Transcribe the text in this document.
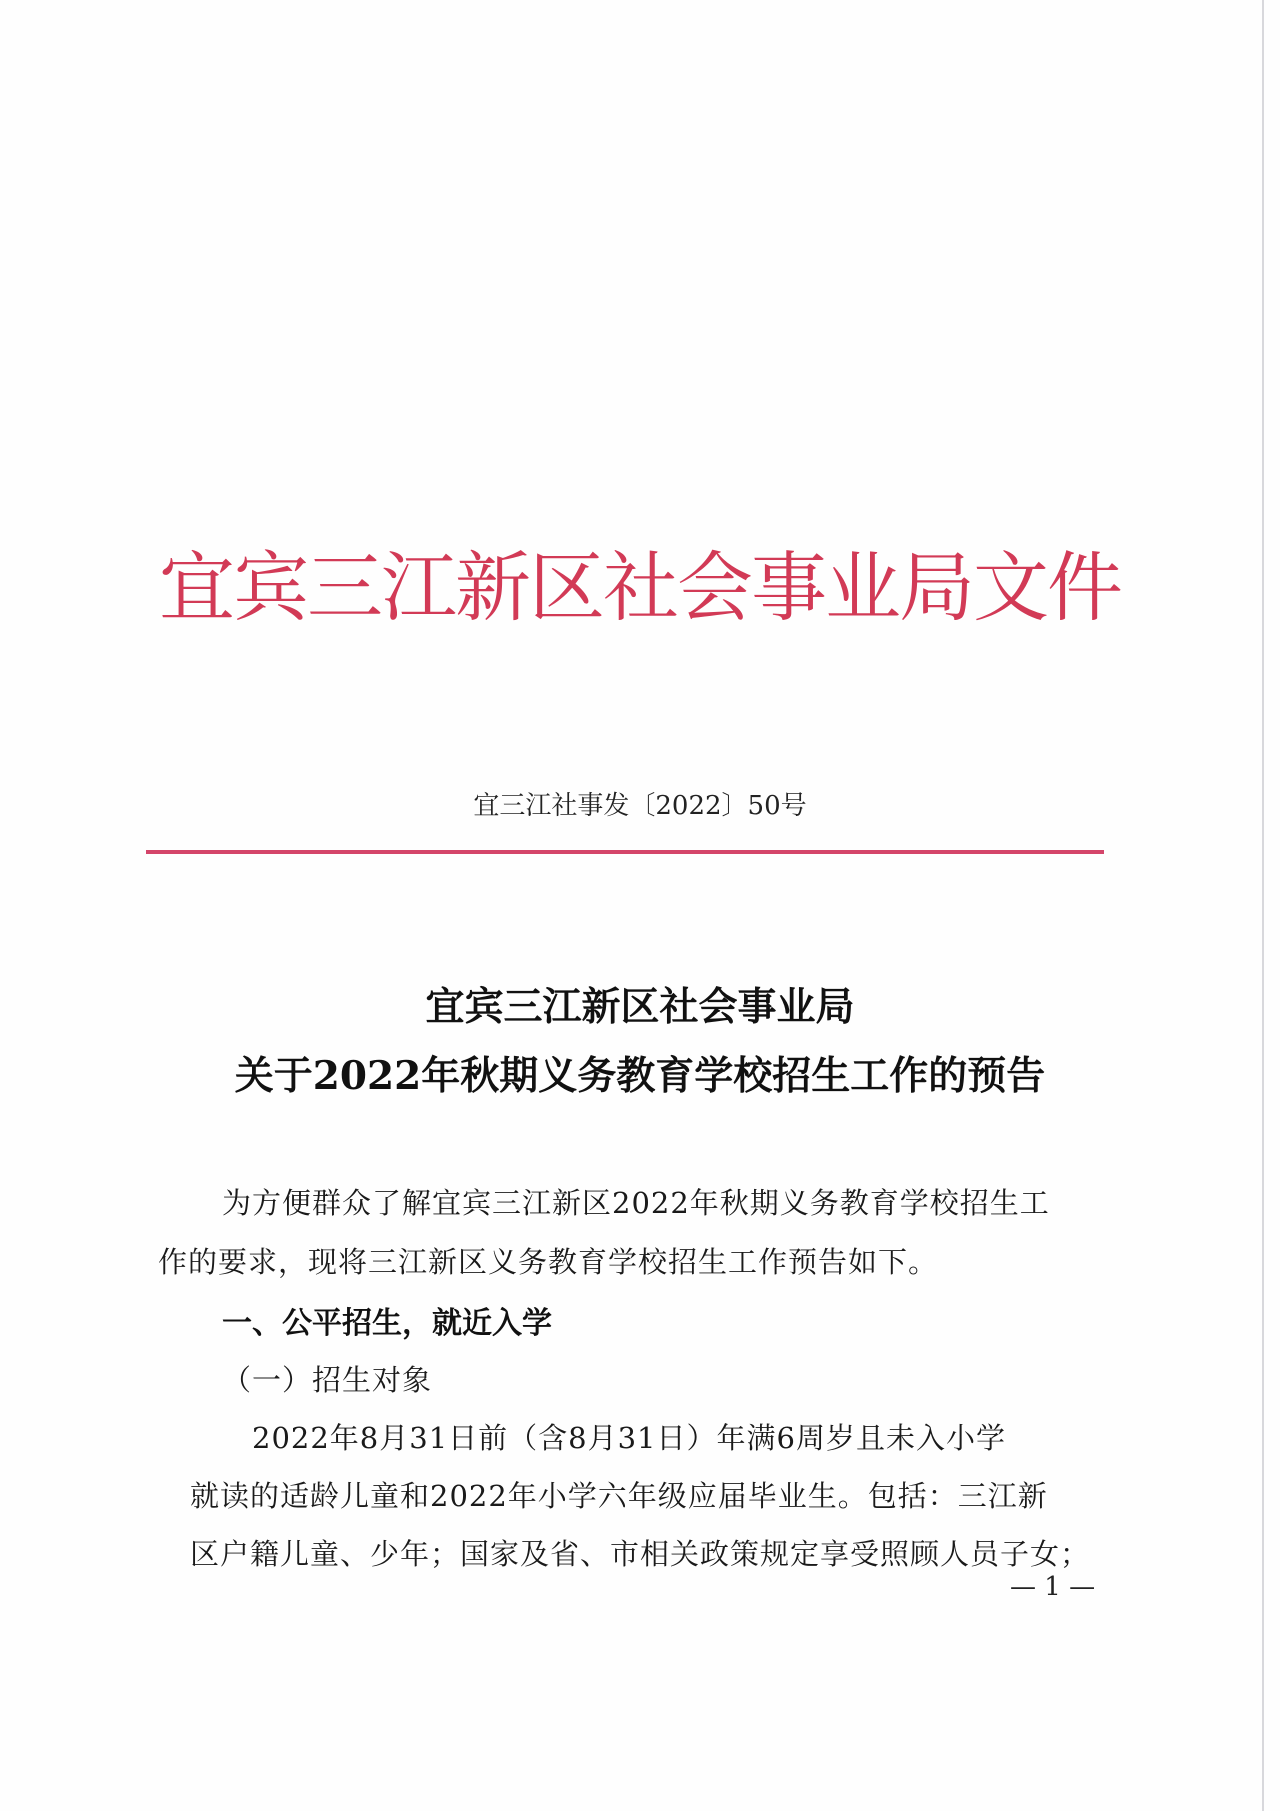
宜宾三江新区社会事业局文件
宜三江社事发〔2022〕50号
宜宾三江新区社会事业局
关于2022年秋期义务教育学校招生工作的预告
为方便群众了解宜宾三江新区2022年秋期义务教育学校招生工
作的要求，现将三江新区义务教育学校招生工作预告如下。
一、公平招生，就近入学
（一）招生对象
2022年8月31日前（含8月31日）年满6周岁且未入小学
就读的适龄儿童和2022年小学六年级应届毕业生。包括：三江新
区户籍儿童、少年；国家及省、市相关政策规定享受照顾人员子女；
— 1 —
